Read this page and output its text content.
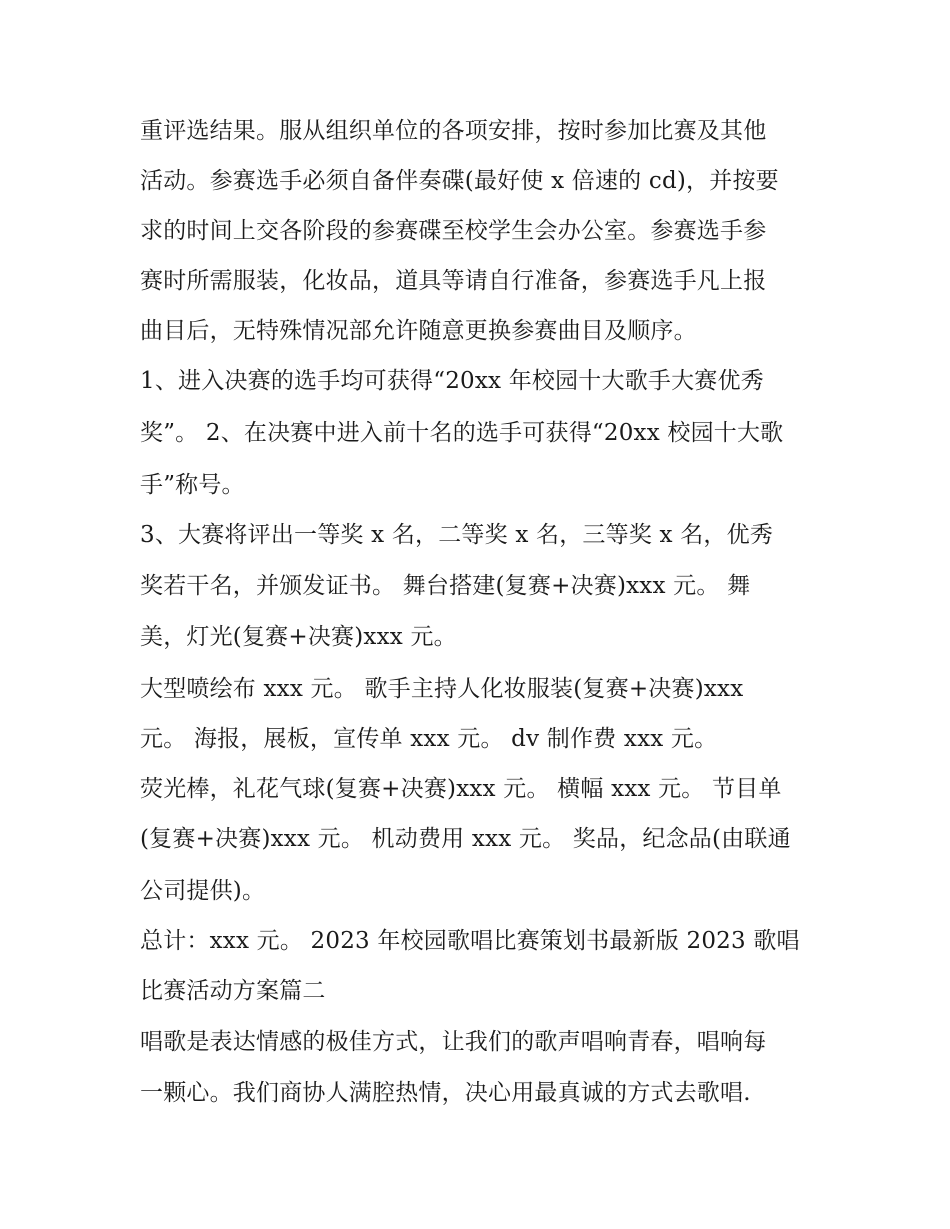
重评选结果。服从组织单位的各项安排，按时参加比赛及其他

活动。参赛选手必须自备伴奏碟(最好使 x 倍速的 cd)，并按要

求的时间上交各阶段的参赛碟至校学生会办公室。参赛选手参

赛时所需服装，化妆品，道具等请自行准备，参赛选手凡上报

曲目后，无特殊情况部允许随意更换参赛曲目及顺序。

1、进入决赛的选手均可获得“20xx 年校园十大歌手大赛优秀

奖”。 2、在决赛中进入前十名的选手可获得“20xx 校园十大歌

手”称号。

3、大赛将评出一等奖 x 名，二等奖 x 名，三等奖 x 名，优秀

奖若干名，并颁发证书。 舞台搭建(复赛+决赛)xxx 元。 舞

美，灯光(复赛+决赛)xxx 元。

大型喷绘布 xxx 元。 歌手主持人化妆服装(复赛+决赛)xxx

元。 海报，展板，宣传单 xxx 元。 dv 制作费 xxx 元。

荧光棒，礼花气球(复赛+决赛)xxx 元。 横幅 xxx 元。 节目单

(复赛+决赛)xxx 元。 机动费用 xxx 元。 奖品，纪念品(由联通

公司提供)。

总计：xxx 元。 2023 年校园歌唱比赛策划书最新版 2023 歌唱

比赛活动方案篇二

唱歌是表达情感的极佳方式，让我们的歌声唱响青春，唱响每

一颗心。我们商协人满腔热情，决心用最真诚的方式去歌唱.
